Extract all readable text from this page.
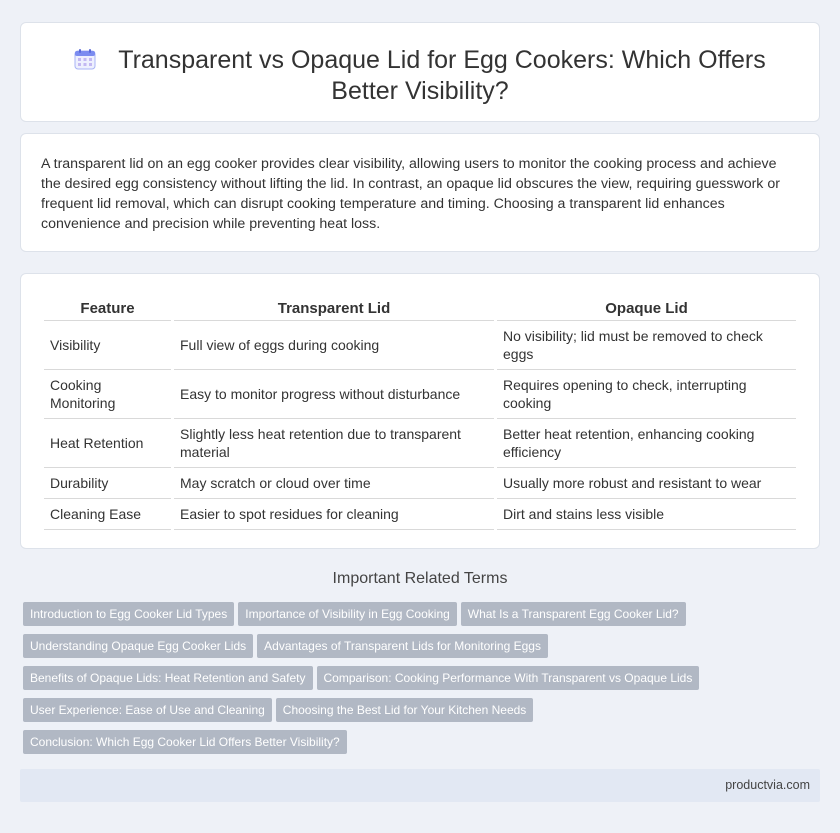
Transparent vs Opaque Lid for Egg Cookers: Which Offers Better Visibility?

A transparent lid on an egg cooker provides clear visibility, allowing users to monitor the cooking process and achieve the desired egg consistency without lifting the lid. In contrast, an opaque lid obscures the view, requiring guesswork or frequent lid removal, which can disrupt cooking temperature and timing. Choosing a transparent lid enhances convenience and precision while preventing heat loss.

Feature	Transparent Lid	Opaque Lid
Visibility	Full view of eggs during cooking	No visibility; lid must be removed to check eggs
Cooking Monitoring	Easy to monitor progress without disturbance	Requires opening to check, interrupting cooking
Heat Retention	Slightly less heat retention due to transparent material	Better heat retention, enhancing cooking efficiency
Durability	May scratch or cloud over time	Usually more robust and resistant to wear
Cleaning Ease	Easier to spot residues for cleaning	Dirt and stains less visible
Important Related Terms
Introduction to Egg Cooker Lid Types Importance of Visibility in Egg Cooking What Is a Transparent Egg Cooker Lid?
Understanding Opaque Egg Cooker Lids Advantages of Transparent Lids for Monitoring Eggs
Benefits of Opaque Lids: Heat Retention and Safety Comparison: Cooking Performance With Transparent vs Opaque Lids
User Experience: Ease of Use and Cleaning Choosing the Best Lid for Your Kitchen Needs
Conclusion: Which Egg Cooker Lid Offers Better Visibility?
productvia.com
